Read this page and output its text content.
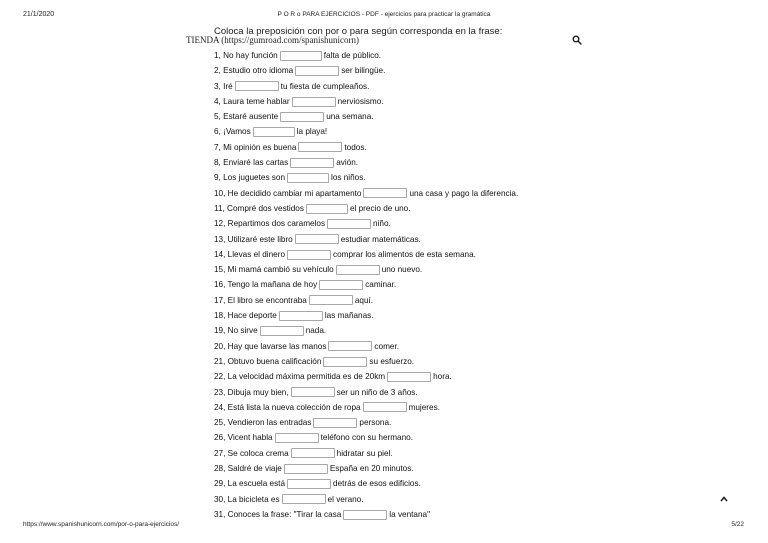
21/1/2020	P O R o PARA EJERCICIOS - PDF - ejercicios para practicar la gramática
Coloca la preposición con por o para según corresponda en la frase:
TIENDA (https://gumroad.com/spanishunicorn)
1, No hay función	falta de público.
2, Estudio otro idioma	ser bilingüe.
3, Iré	tu fiesta de cumpleaños.
4, Laura teme hablar	nerviosismo.
5, Estaré ausente	una semana.
6, ¡Vamos	la playa!
7, Mi opinión es buena	todos.
8, Enviaré las cartas	avión.
9, Los juguetes son	los niños.
10, He decidido cambiar mi apartamento	una casa y pago la diferencia.
11, Compré dos vestidos	el precio de uno.
12, Repartimos dos caramelos	niño.
13, Utilizaré este libro	estudiar matemáticas.
14, Llevas el dinero	comprar los alimentos de esta semana.
15, Mi mamá cambió su vehículo	uno nuevo.
16, Tengo la mañana de hoy	caminar.
17, El libro se encontraba	aquí.
18, Hace deporte	las mañanas.
19, No sirve	nada.
20, Hay que lavarse las manos	comer.
21, Obtuvo buena calificación	su esfuerzo.
22, La velocidad máxima permitida es de 20km	hora.
23, Dibuja muy bien,	ser un niño de 3 años.
24, Está lista la nueva colección de ropa	mujeres.
25, Vendieron las entradas	persona.
26, Vicent habla	teléfono con su hermano.
27, Se coloca crema	hidratar su piel.
28, Saldré de viaje	España en 20 minutos.
29, La escuela está	detrás de esos edificios.
30, La bicicleta es	el verano.
31, Conoces la frase: "Tirar la casa	la ventana"
https://www.spanishunicorn.com/por-o-para-ejercicios/	5/22
